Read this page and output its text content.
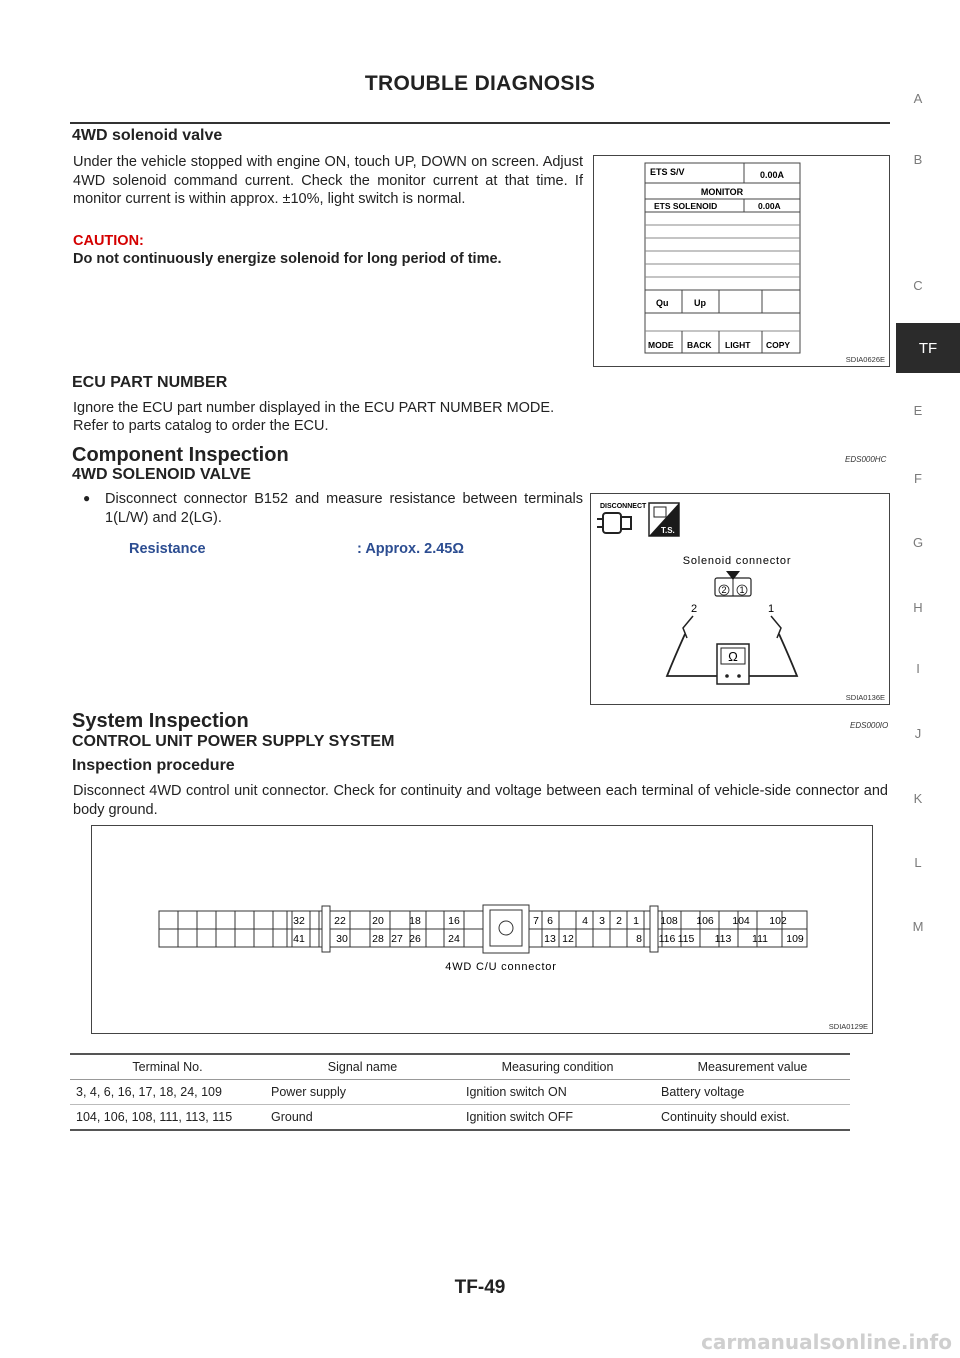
TROUBLE DIAGNOSIS
A
B
C
E
F
G
H
I
J
K
L
M
TF
4WD solenoid valve
Under the vehicle stopped with engine ON, touch UP, DOWN on screen. Adjust 4WD solenoid command current. Check the monitor current at that time. If monitor current is within approx. ±10%, light switch is normal.
CAUTION:
Do not continuously energize solenoid for long period of time.
ETS S/V	0.00A
MONITOR
ETS SOLENOID	0.00A
Qu	Up
MODE BACK LIGHT COPY
SDIA0626E
ECU PART NUMBER
Ignore the ECU part number displayed in the ECU PART NUMBER MODE.
Refer to parts catalog to order the ECU.
Component Inspection	EDS000HC
4WD SOLENOID VALVE
● Disconnect connector B152 and measure resistance between terminals 1(L/W) and 2(LG).
Resistance	: Approx. 2.45Ω
DISCONNECT
T.S.
Solenoid connector
2 1
2	1
Ω
SDIA0136E
System Inspection	EDS000IO
CONTROL UNIT POWER SUPPLY SYSTEM
Inspection procedure
Disconnect 4WD control unit connector. Check for continuity and voltage between each terminal of vehicle-side connector and body ground.
32	22	20 18	16	7 6	4 3 2 1 108 106 104 102
41	30 28 27 26	24	13 12	8 116 115 113 111 109
4WD C/U connector
SDIA0129E
Terminal No.	Signal name	Measuring condition	Measurement value
3, 4, 6, 16, 17, 18, 24, 109	Power supply	Ignition switch ON	Battery voltage
104, 106, 108, 111, 113, 115	Ground	Ignition switch OFF	Continuity should exist.
TF-49
carmanualsonline.info
